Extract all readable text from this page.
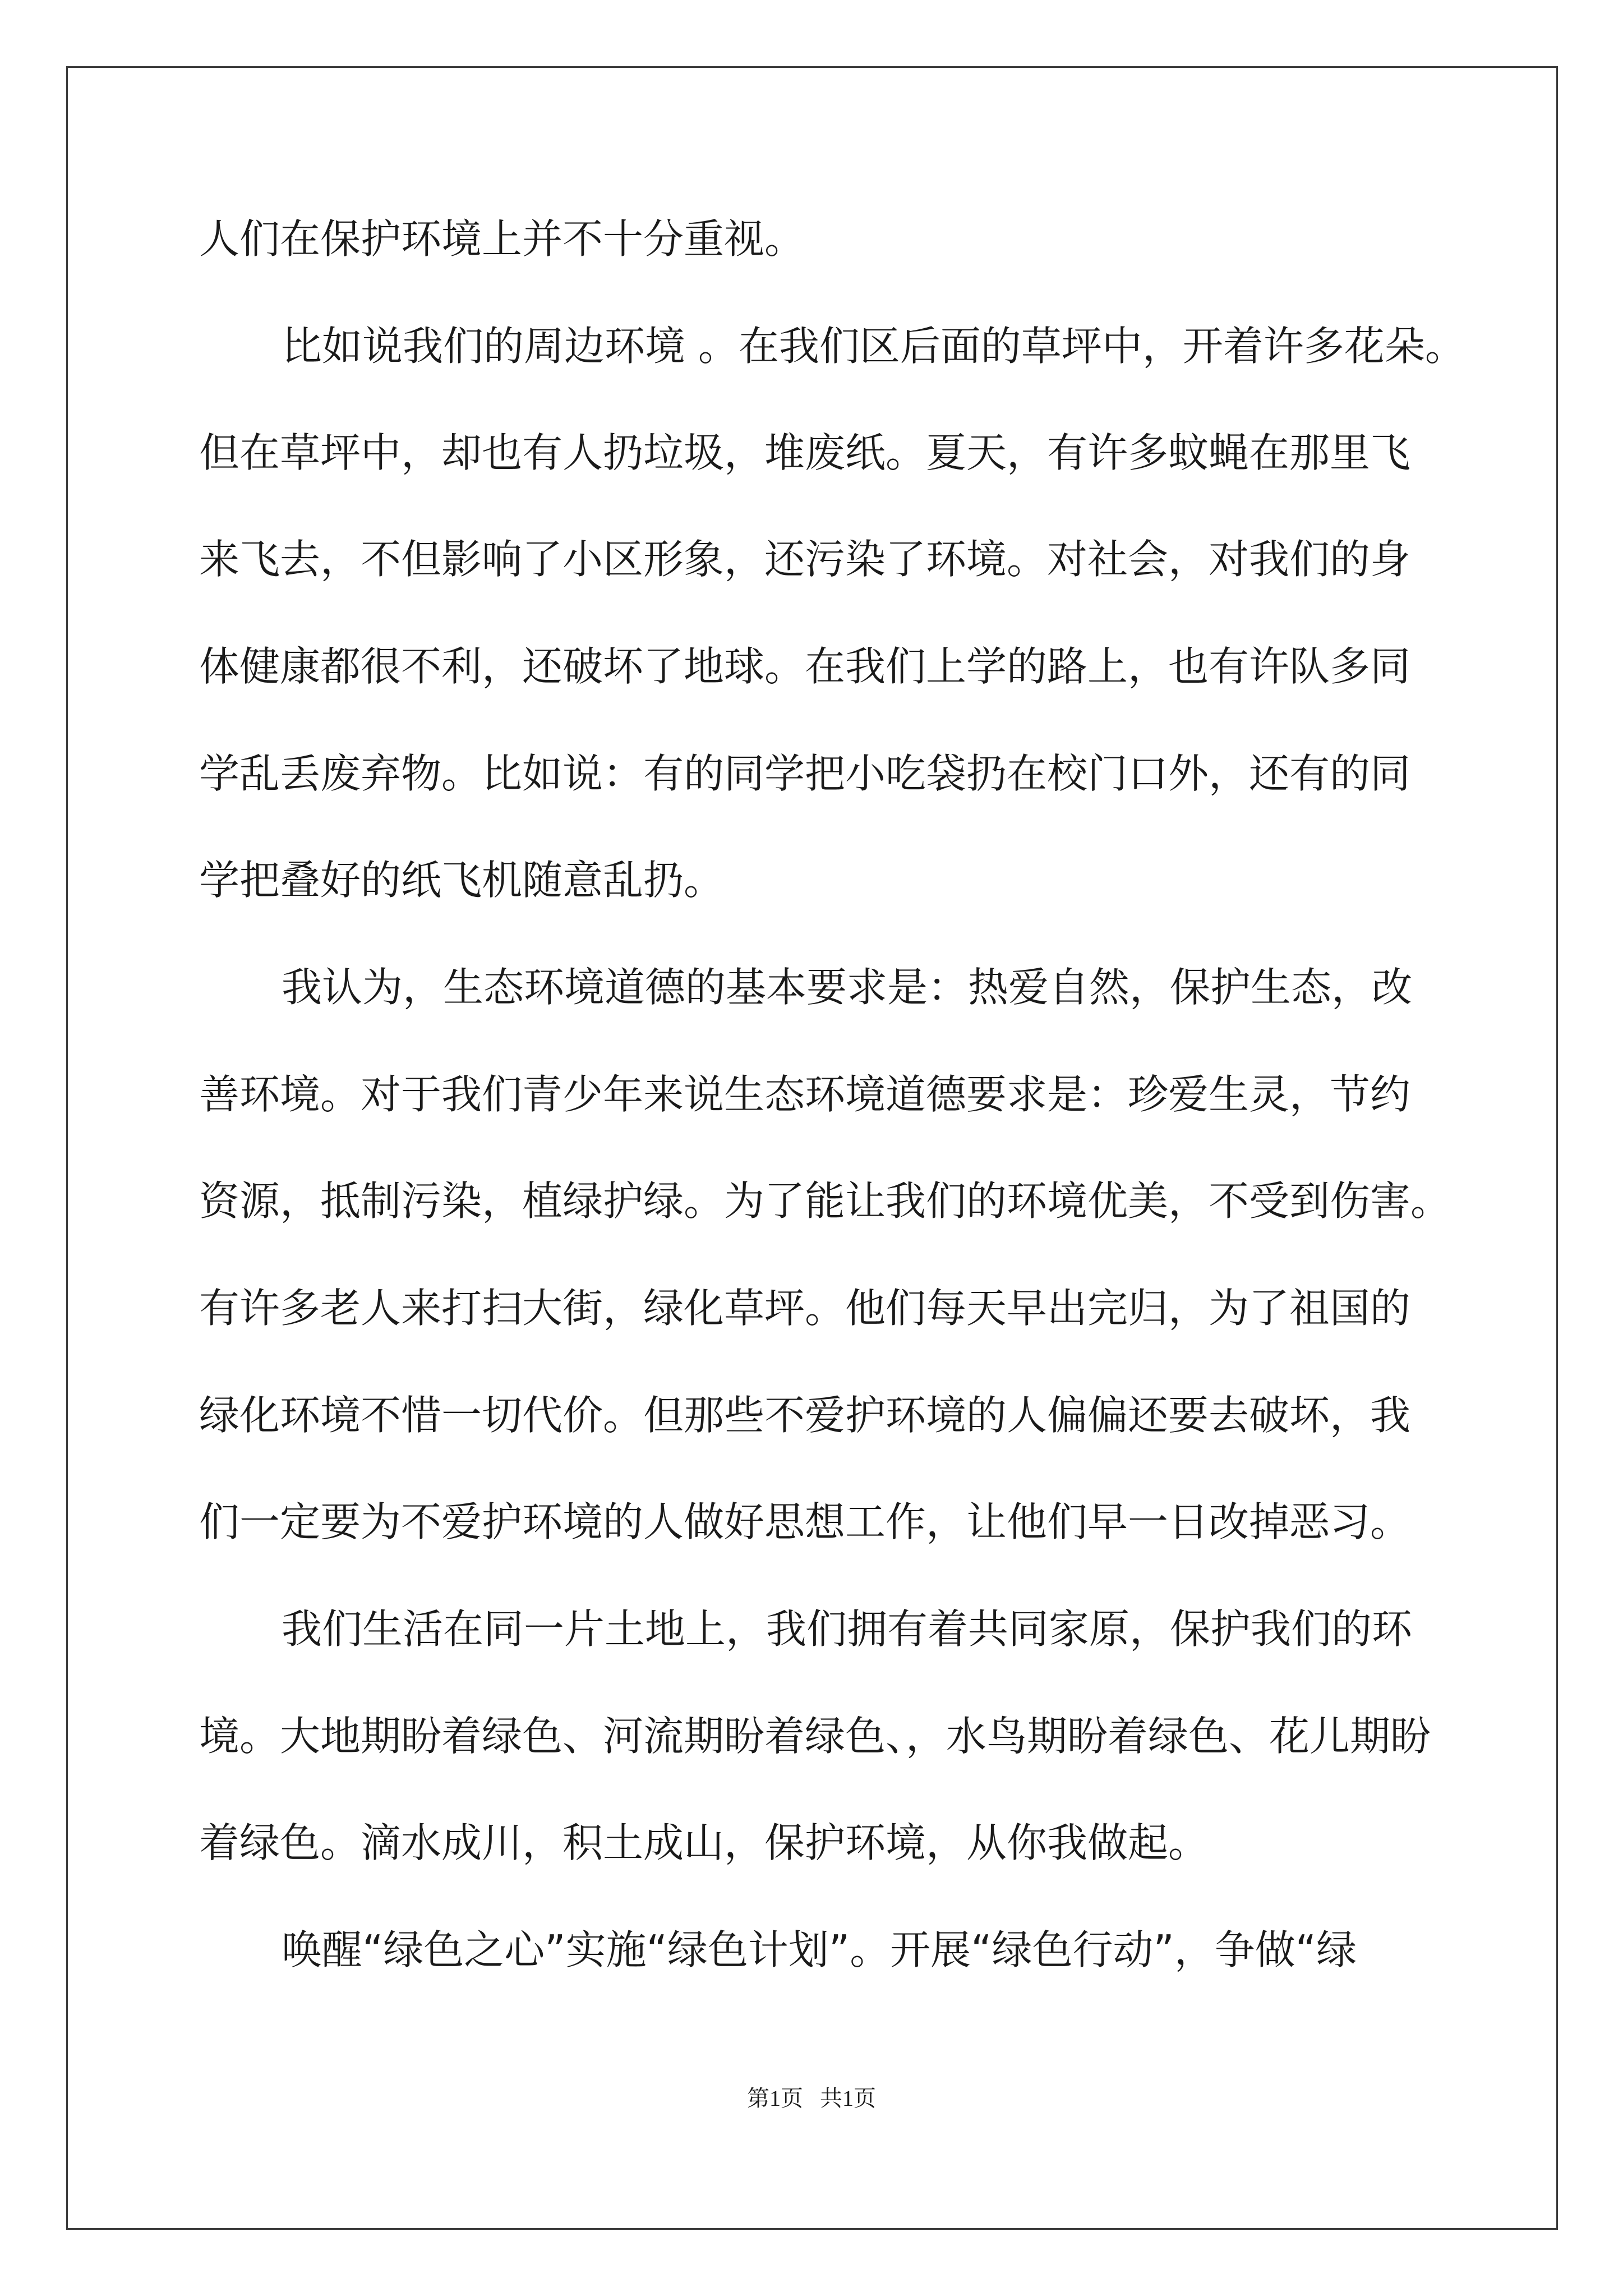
人们在保护环境上并不十分重视。

比如说我们的周边环境 。在我们区后面的草坪中，开着许多花朵。

但在草坪中，却也有人扔垃圾，堆废纸。夏天，有许多蚊蝇在那里飞

来飞去，不但影响了小区形象，还污染了环境。对社会，对我们的身

体健康都很不利，还破坏了地球。在我们上学的路上，也有许队多同

学乱丢废弃物。比如说：有的同学把小吃袋扔在校门口外，还有的同

学把叠好的纸飞机随意乱扔。

我认为，生态环境道德的基本要求是：热爱自然，保护生态，改

善环境。对于我们青少年来说生态环境道德要求是：珍爱生灵，节约

资源，抵制污染，植绿护绿。为了能让我们的环境优美，不受到伤害。

有许多老人来打扫大街，绿化草坪。他们每天早出完归，为了祖国的

绿化环境不惜一切代价。但那些不爱护环境的人偏偏还要去破坏，我

们一定要为不爱护环境的人做好思想工作，让他们早一日改掉恶习。

我们生活在同一片土地上，我们拥有着共同家原，保护我们的环

境。大地期盼着绿色、河流期盼着绿色、，水鸟期盼着绿色、花儿期盼

着绿色。滴水成川，积土成山，保护环境，从你我做起。

唤醒“绿色之心”实施“绿色计划”。开展“绿色行动”，争做“绿

第1页   共1页
